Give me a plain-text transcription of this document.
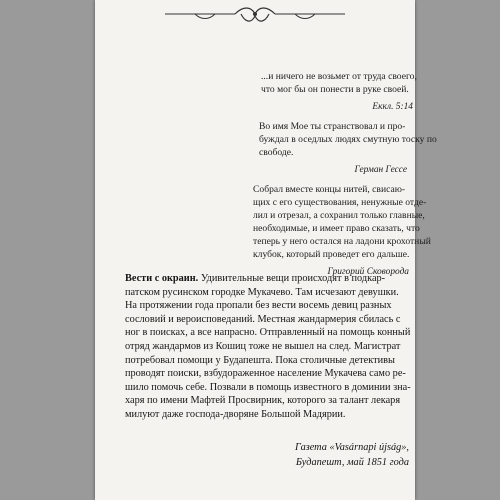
...и ничего не возьмет от труда своего,
что мог бы он понести в руке своей.
Еккл. 5:14
Во имя Мое ты странствовал и про-
буждал в оседлых людях смутную тоску по
свободе.
Герман Гессе
Собрал вместе концы нитей, свисаю-
щих с его существования, ненужные отде-
лил и отрезал, а сохранил только главные,
необходимые, и имеет право сказать, что
теперь у него остался на ладони крохотный
клубок, который проведет его дальше.
Григорий Сковорода

Вести с окраин. Удивительные вещи происходят в подкар-

патском русинском городке Мукачево. Там исчезают девушки.
На протяжении года пропали без вести восемь девиц разных
сословий и вероисповеданий. Местная жандармерия сбилась с
ног в поисках, а все напрасно. Отправленный на помощь конный
отряд жандармов из Кошиц тоже не вышел на след. Магистрат
потребовал помощи у Будапешта. Пока столичные детективы
проводят поиски, взбудораженное население Мукачева само ре-
шило помочь себе. Позвали в помощь известного в доминии зна-
харя по имени Мафтей Просвирник, которого за талант лекаря
милуют даже господа-дворяне Большой Мадярии.
Газета «Vasárnapi újság»,
Будапешт, май 1851 года
